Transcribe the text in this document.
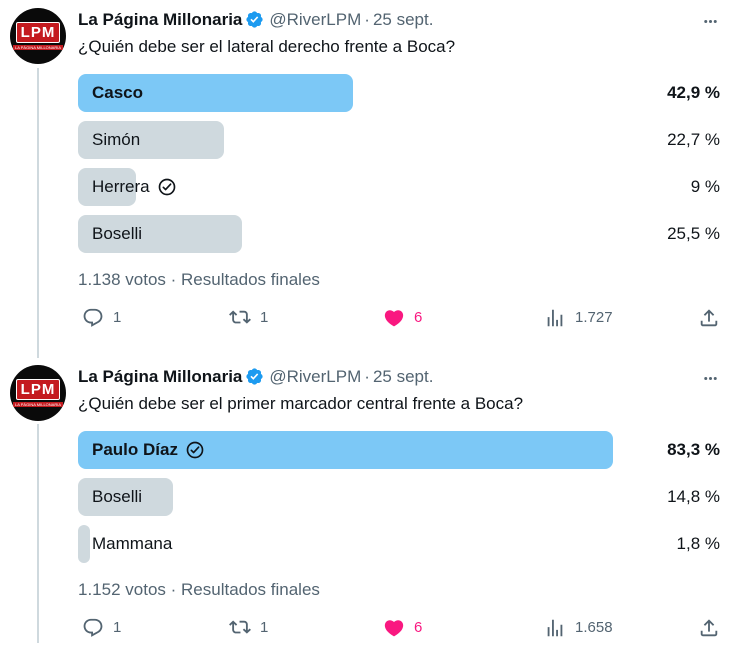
LPM
LA PÁGINA MILLONARIA
La Página Millonaria @RiverLPM · 25 sept.
¿Quién debe ser el lateral derecho frente a Boca?
Casco	42,9 %
Simón	22,7 %
Herrera	9 %
Boselli	25,5 %
1.138 votos · Resultados finales
1	1	6	1.727
LPM
LA PÁGINA MILLONARIA
La Página Millonaria @RiverLPM · 25 sept.
¿Quién debe ser el primer marcador central frente a Boca?
Paulo Díaz	83,3 %
Boselli	14,8 %
Mammana	1,8 %
1.152 votos · Resultados finales
1	1	6	1.658
